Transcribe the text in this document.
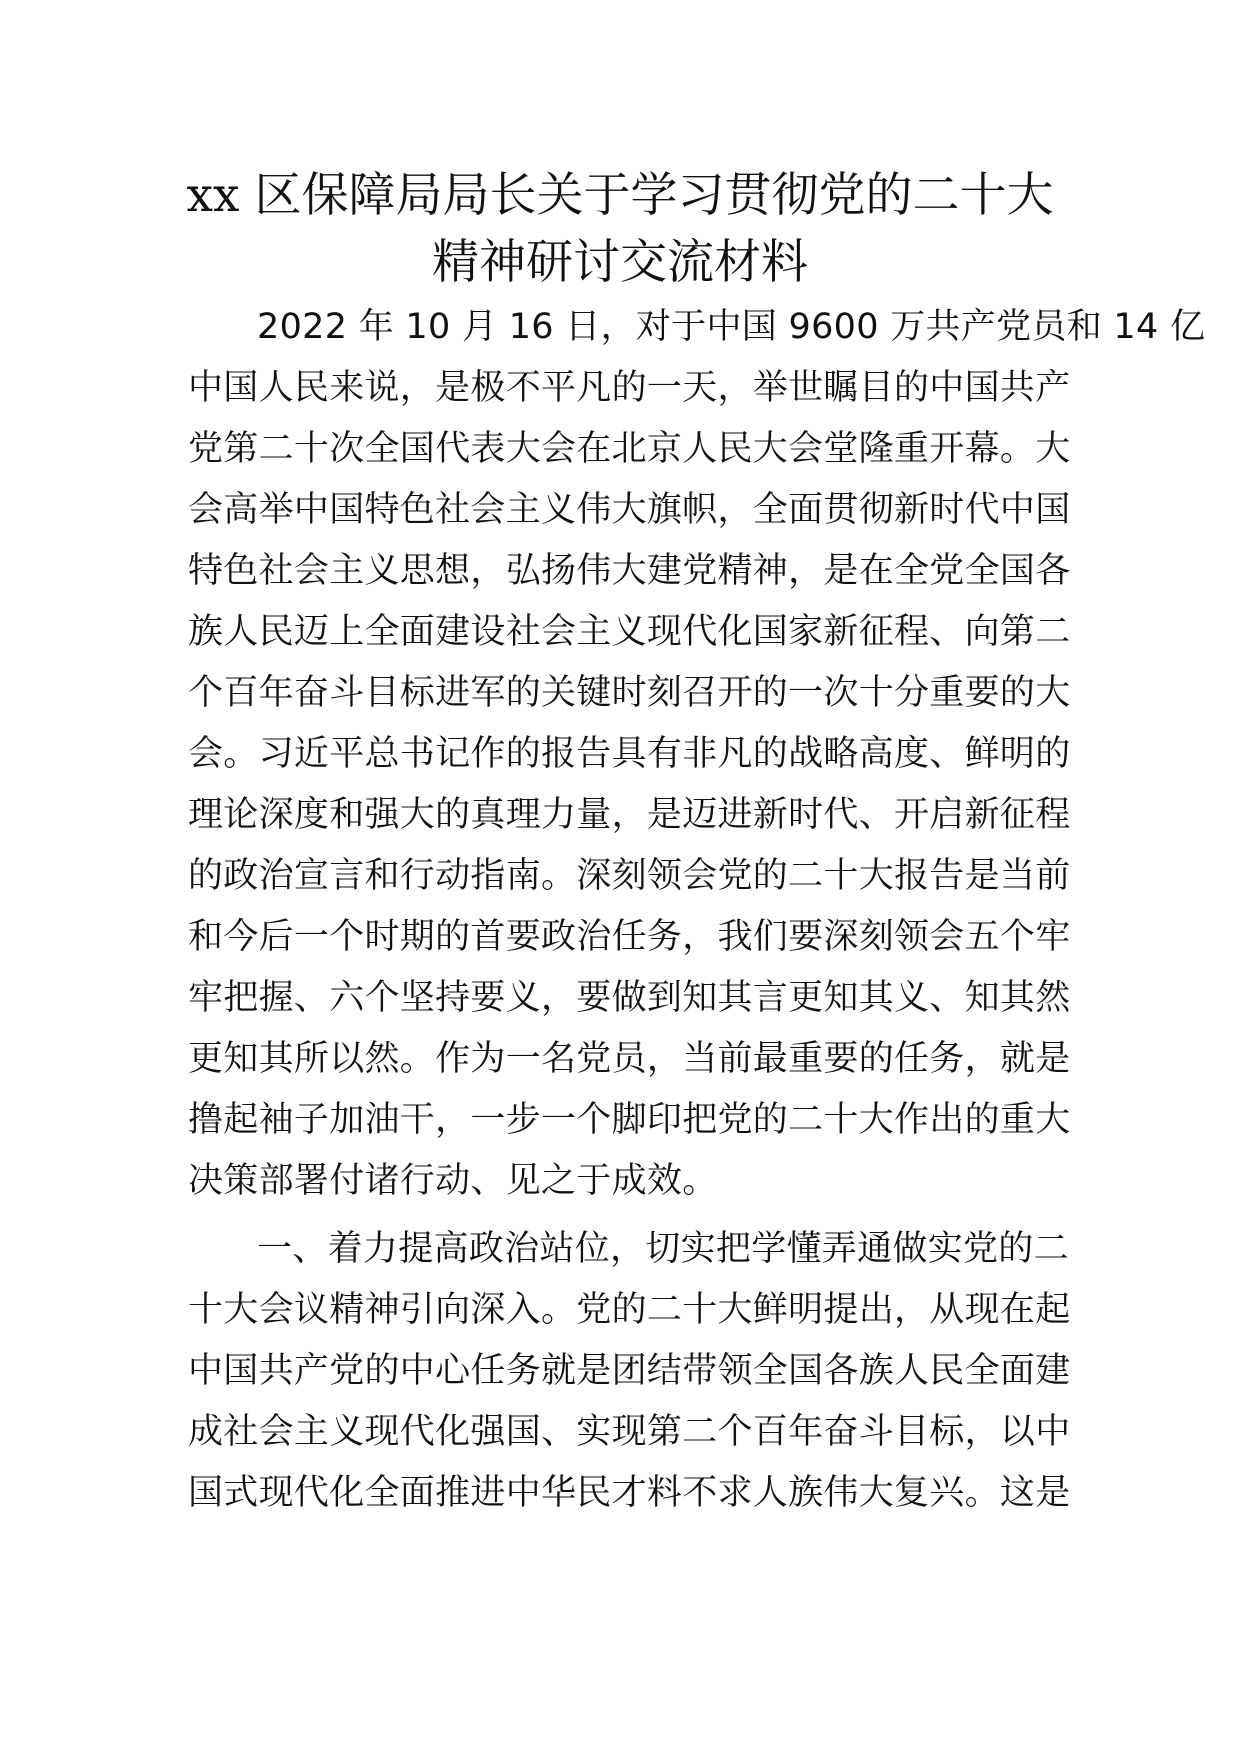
xx 区保障局局长关于学习贯彻党的二十大
精神研讨交流材料
2022 年 10 月 16 日，对于中国 9600 万共产党员和 14 亿
中国人民来说，是极不平凡的一天，举世瞩目的中国共产
党第二十次全国代表大会在北京人民大会堂隆重开幕。大
会高举中国特色社会主义伟大旗帜，全面贯彻新时代中国
特色社会主义思想，弘扬伟大建党精神，是在全党全国各
族人民迈上全面建设社会主义现代化国家新征程、向第二
个百年奋斗目标进军的关键时刻召开的一次十分重要的大
会。习近平总书记作的报告具有非凡的战略高度、鲜明的
理论深度和强大的真理力量，是迈进新时代、开启新征程
的政治宣言和行动指南。深刻领会党的二十大报告是当前
和今后一个时期的首要政治任务，我们要深刻领会五个牢
牢把握、六个坚持要义，要做到知其言更知其义、知其然
更知其所以然。作为一名党员，当前最重要的任务，就是
撸起袖子加油干，一步一个脚印把党的二十大作出的重大
决策部署付诸行动、见之于成效。
一、着力提高政治站位，切实把学懂弄通做实党的二
十大会议精神引向深入。党的二十大鲜明提出，从现在起
中国共产党的中心任务就是团结带领全国各族人民全面建
成社会主义现代化强国、实现第二个百年奋斗目标，以中
国式现代化全面推进中华民才料不求人族伟大复兴。这是
